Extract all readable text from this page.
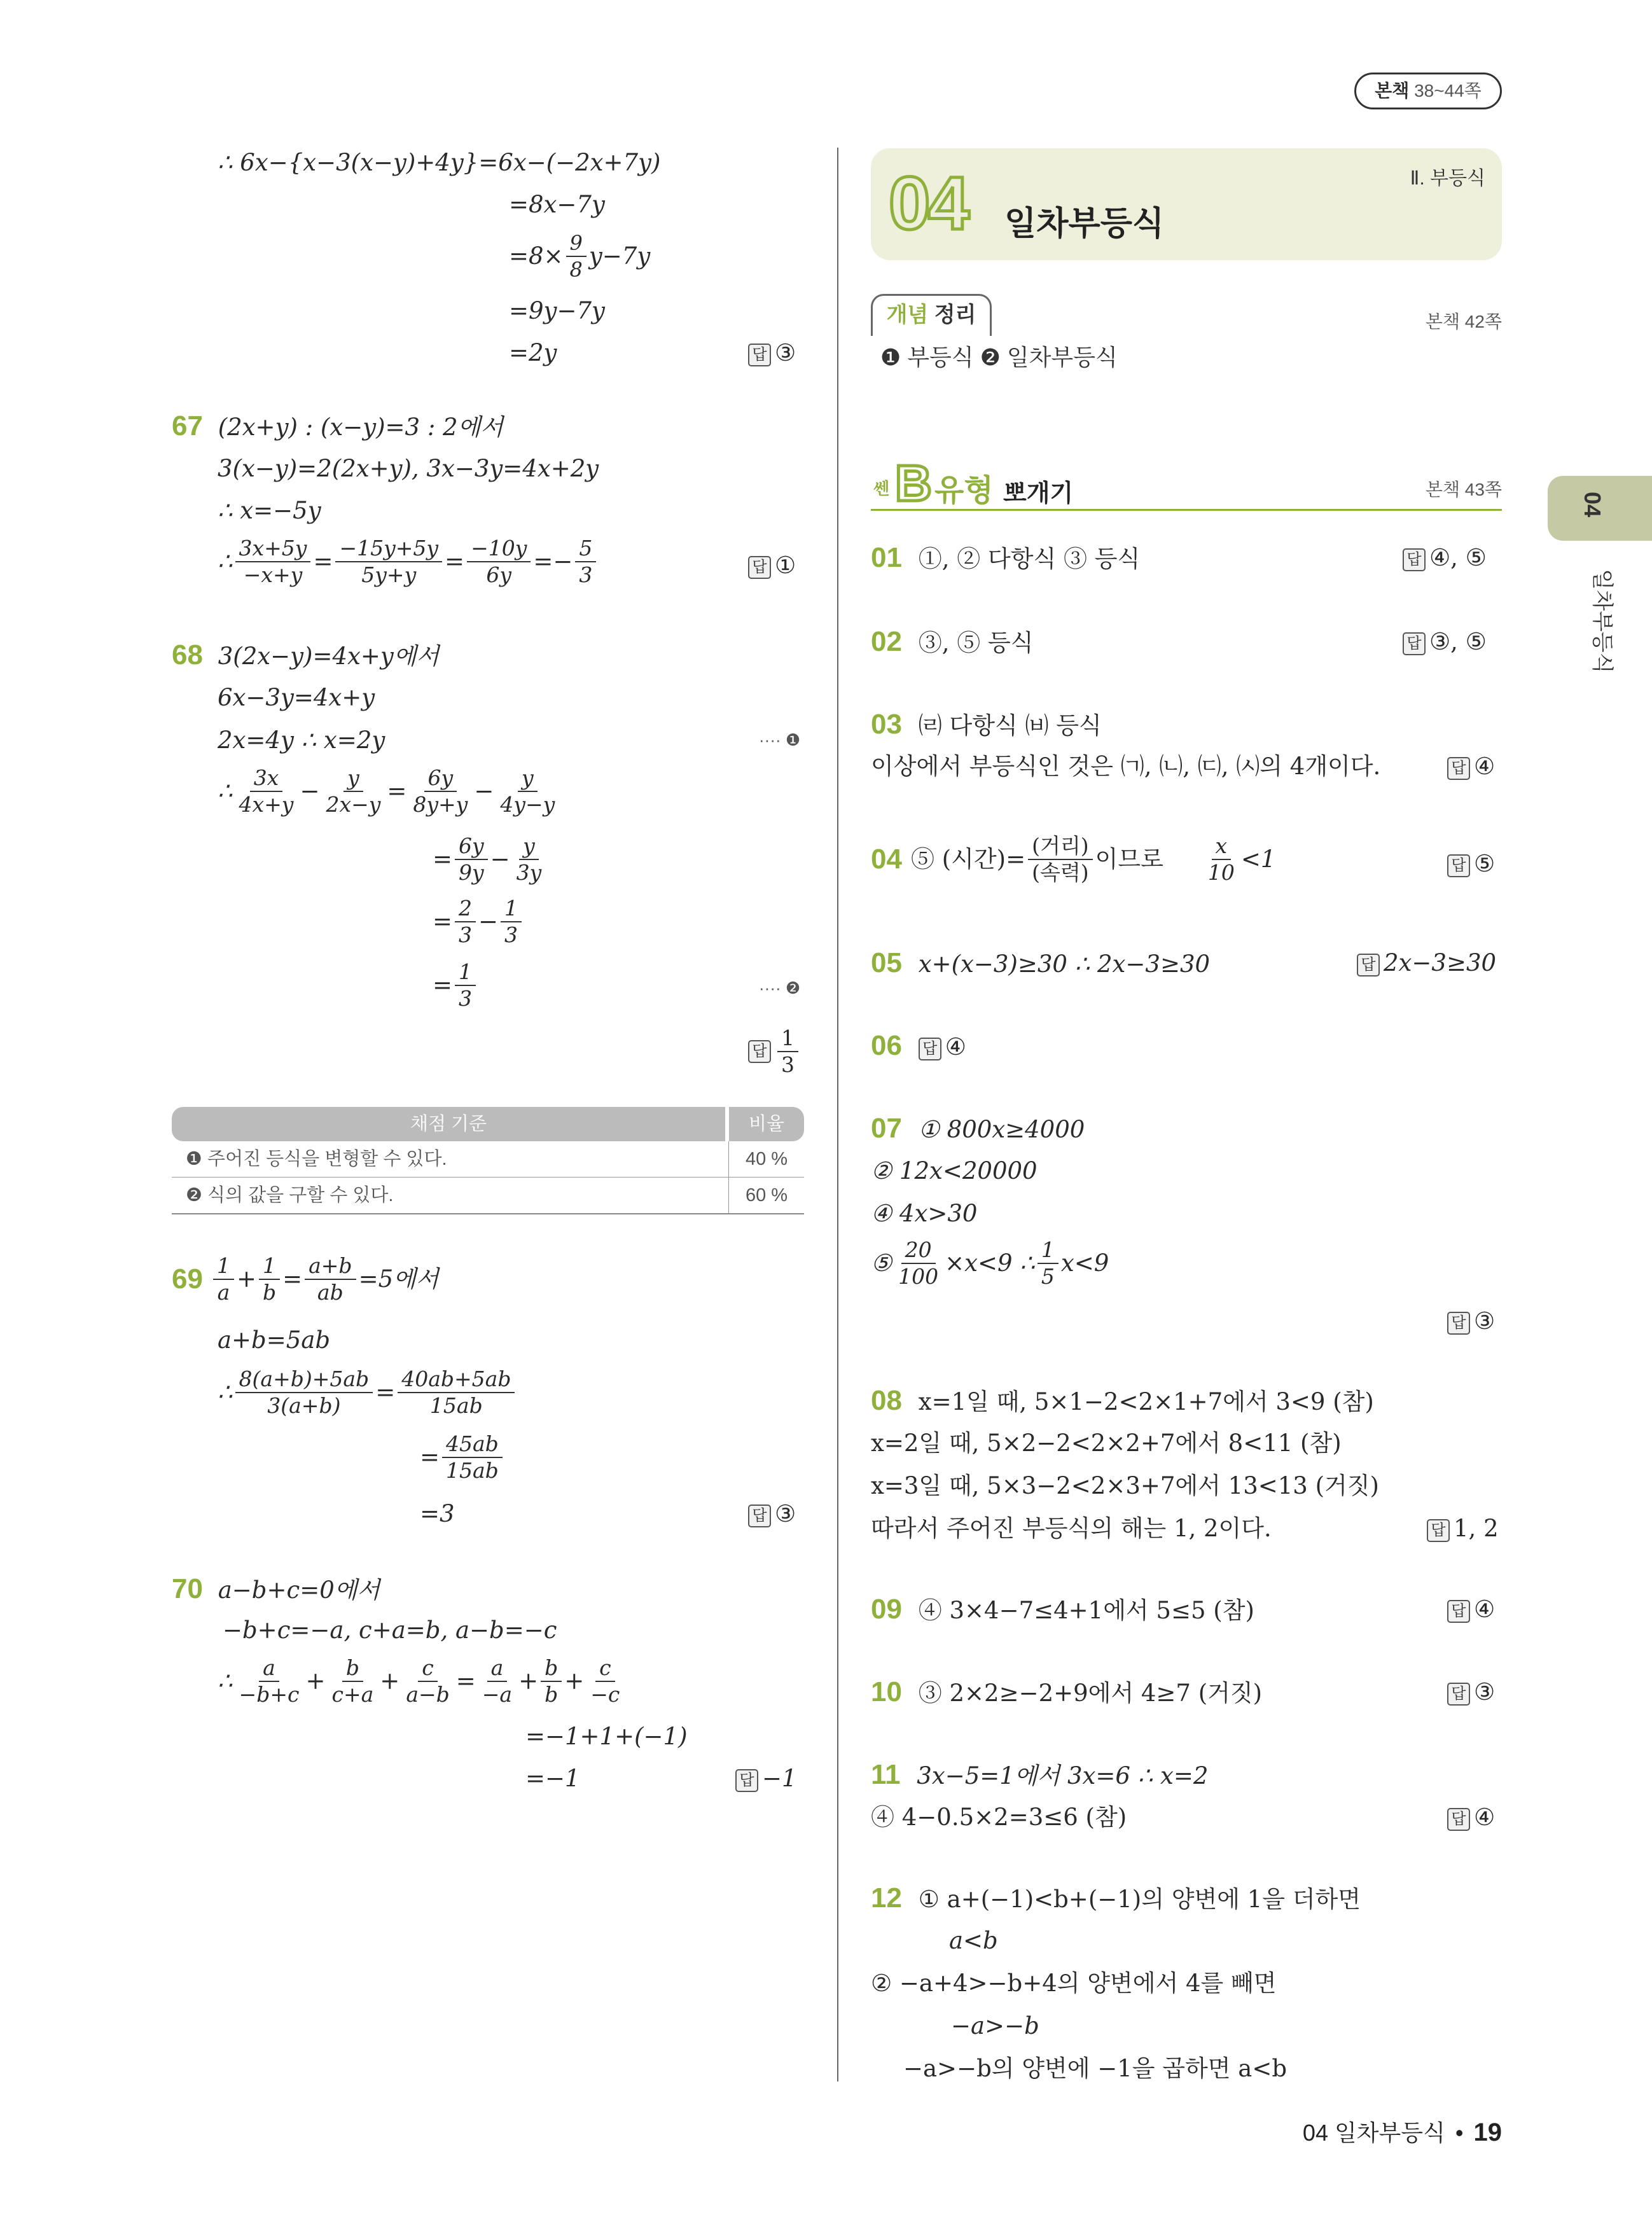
본책 38~44쪽
∴ 6x−{x−3(x−y)+4y}=6x−(−2x+7y)
=8x−7y
$=8\times \frac{9}{8} y-7y$
=9y−7y
=2y	답 ③
67 (2x+y) : (x−y)=3 : 2에서
3(x−y)=2(2x+y), 3x−3y=4x+2y
∴ x=−5y
∴ $\frac{3x+5y}{-x+y} = \frac{-15y+5y}{5y+y} = \frac{-10y}{6y} =- \frac{5}{3}$	답 ①
68 3(2x−y)=4x+y에서
6x−3y=4x+y
2x=4y ∴ x=2y	···· ❶
∴ $\frac{3x}{4x+y} - \frac{y}{2x-y} = \frac{6y}{8y+y} - \frac{y}{4y-y}$
= $\frac{6y}{9y} - \frac{y}{3y}$
= $\frac{2}{3} - \frac{1}{3}$
= $\frac{1}{3}$	···· ❷
답 $\frac{1}{3}$
채점 기준	비율
❶ 주어진 등식을 변형할 수 있다.	40 %
❷ 식의 값을 구할 수 있다.	60 %
$69 \frac{1}{a} + \frac{1}{b} = \frac{a+b}{ab} =5$에서
a+b=5ab
∴ $\frac{8(a+b)+5ab}{3(a+b)} = \frac{40ab+5ab}{15ab}$
= $\frac{45ab}{15ab}$
=3	답 ③
70 a−b+c=0에서
−b+c=−a, c+a=b, a−b=−c
∴ $\frac{a}{-b+c} + \frac{b}{c+a} + \frac{c}{a-b} = \frac{a}{-a} + \frac{b}{b} + \frac{c}{-c}$
=−1+1+(−1)
=−1	답 −1
04 일차부등식
Ⅱ. 부등식
개념 정리	본책 42쪽
❶ 부등식 ❷ 일차부등식
쎈 B 유형 뽀개기	본책 43쪽
01 ①, ② 다항식 ③ 등식	답 ④, ⑤
02 ③, ⑤ 등식	답 ③, ⑤
03 ㈃ 다항식 ㈅ 등식
이상에서 부등식인 것은 ㈀, ㈁, ㈂, ㈆의 4개이다.	답 ④
04 ⑤ (시간)= $\frac{\text{(거리)}}{\text{(속력)}}$ 이므로 $\frac{x}{10} <1$	답 ⑤
05 x+(x−3)≥30 ∴ 2x−3≥30	답 2x−3≥30
06 답 ④
07 ① 800x≥4000
② 12x<20000
④ 4x>30
⑤ $\frac{20}{100} \times x<9$ ∴ $\frac{1}{5} x<9$
답 ③
08 x=1일 때, 5×1−2<2×1+7에서 3<9 (참)
x=2일 때, 5×2−2<2×2+7에서 8<11 (참)
x=3일 때, 5×3−2<2×3+7에서 13<13 (거짓)
따라서 주어진 부등식의 해는 1, 2이다.	답 1, 2
09 ④ 3×4−7≤4+1에서 5≤5 (참)	답 ④
10 ③ 2×2≥−2+9에서 4≥7 (거짓)	답 ③
11 3x−5=1에서 3x=6 ∴ x=2
④ 4−0.5×2=3≤6 (참)	답 ④
12 ① a+(−1)<b+(−1)의 양변에 1을 더하면
a<b
② −a+4>−b+4의 양변에서 4를 빼면
−a>−b
−a>−b의 양변에 −1을 곱하면 a<b
04
일차부등식
04 일차부등식 • 19
